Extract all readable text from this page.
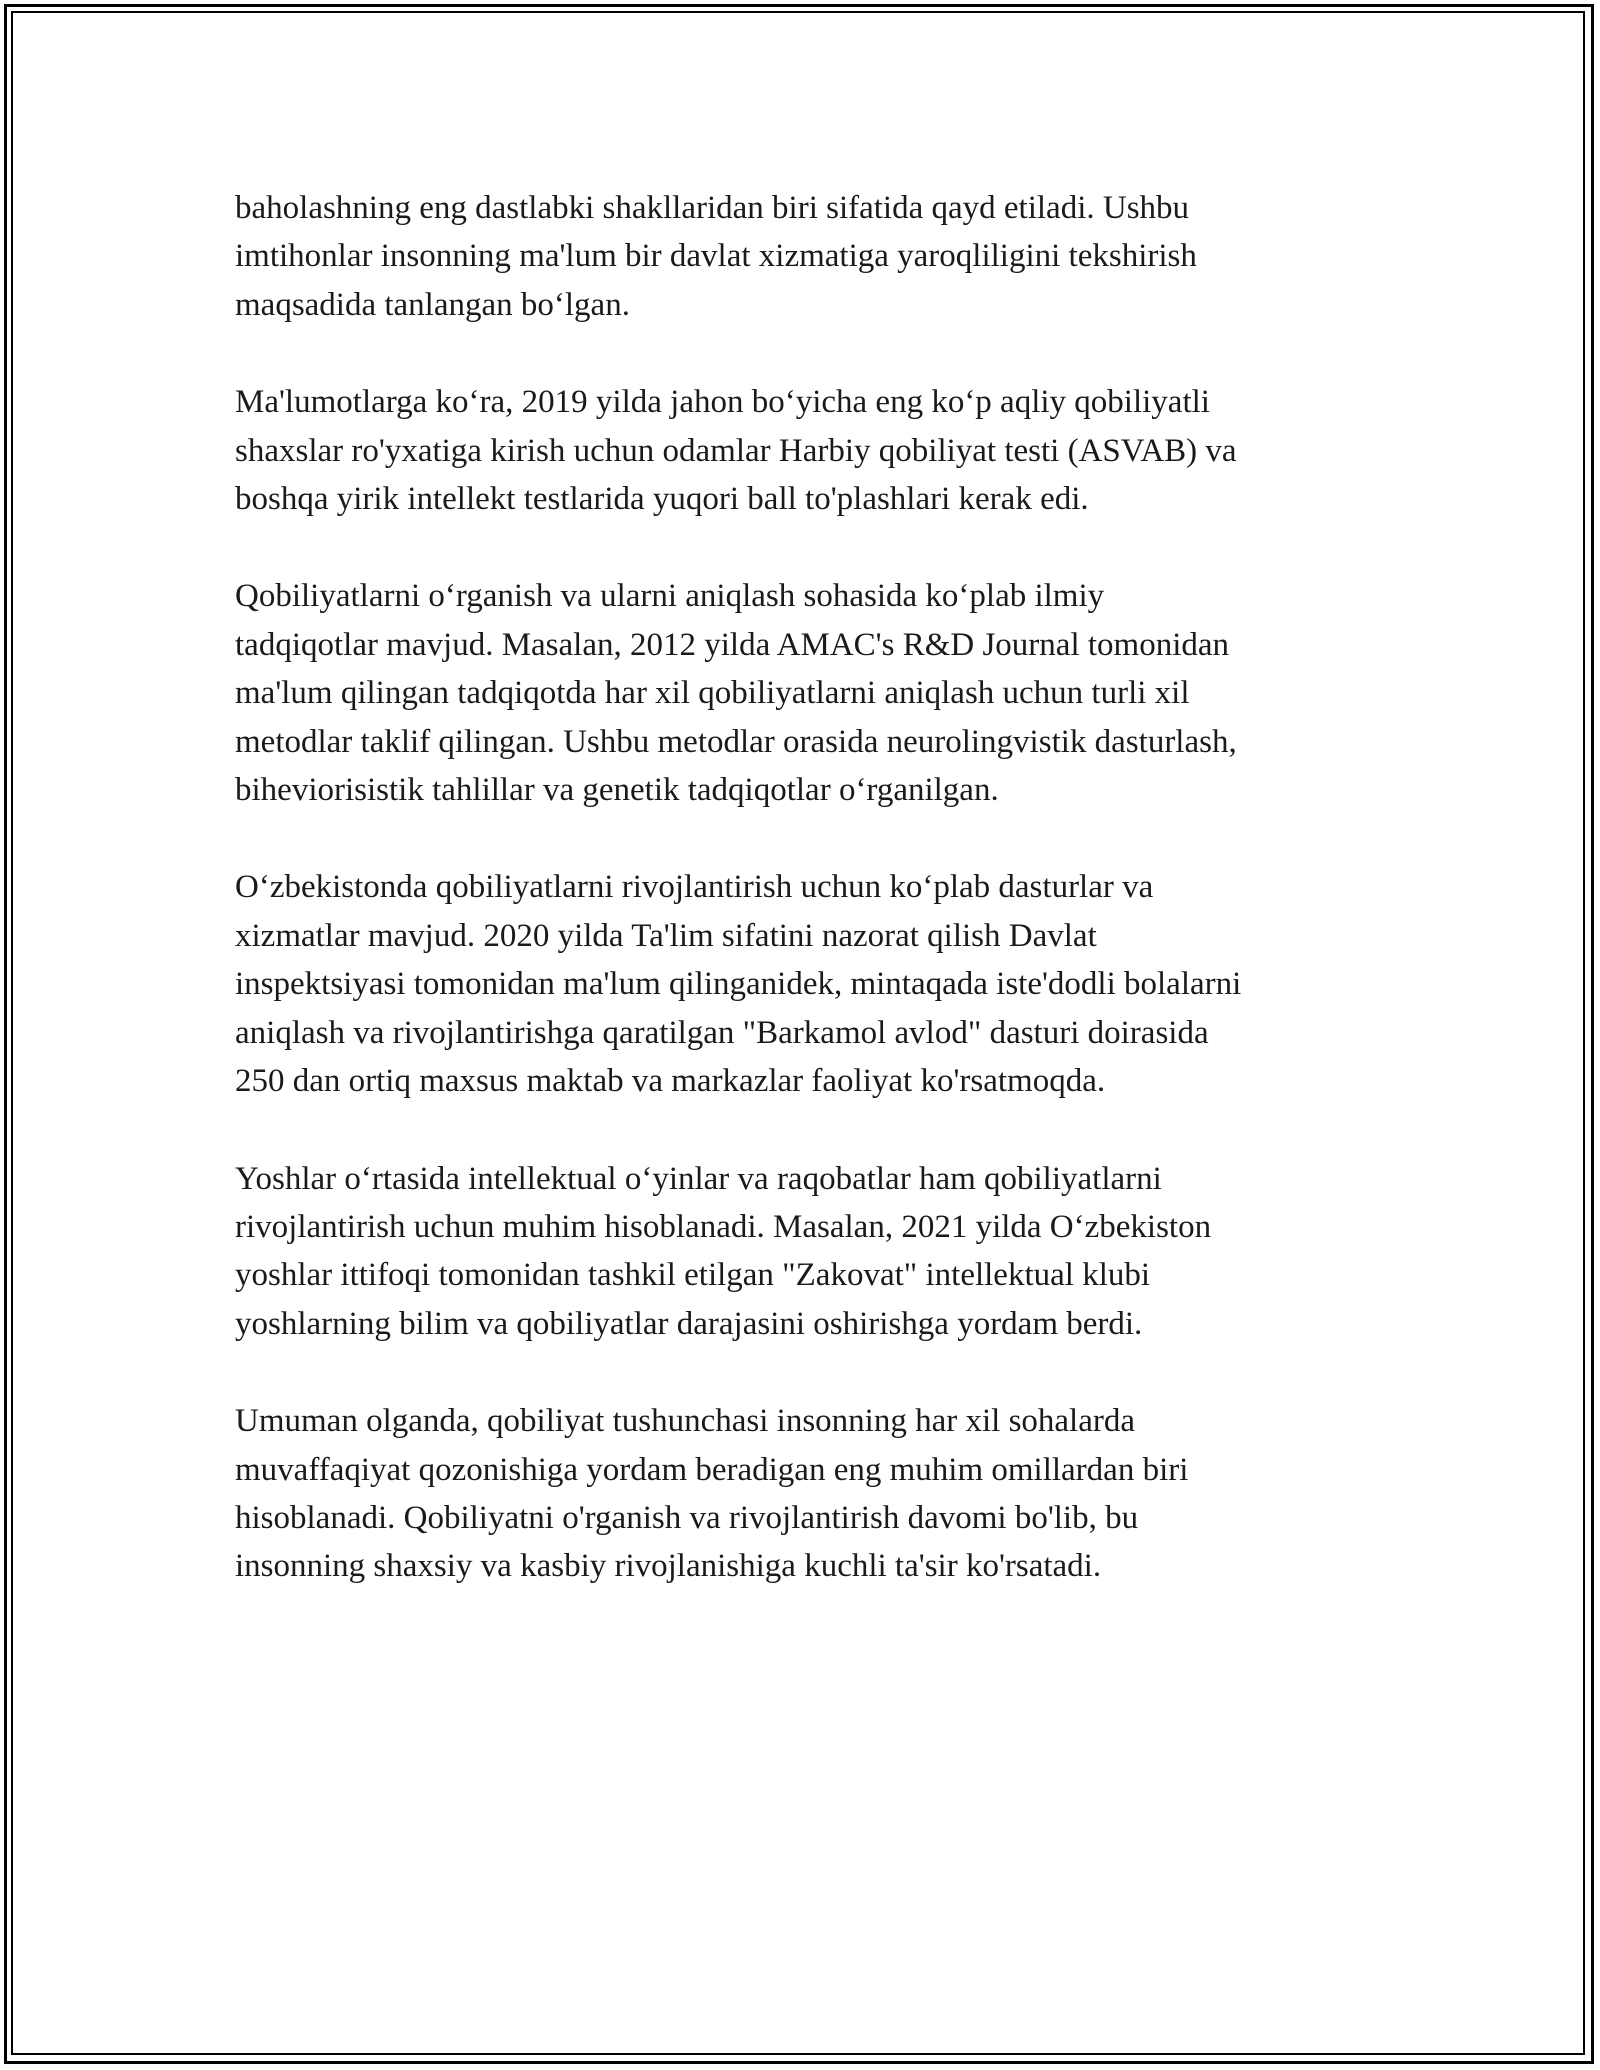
baholashning eng dastlabki shakllaridan biri sifatida qayd etiladi. Ushbu
imtihonlar insonning ma'lum bir davlat xizmatiga yaroqliligini tekshirish
maqsadida tanlangan bo‘lgan.

Ma'lumotlarga ko‘ra, 2019 yilda jahon bo‘yicha eng ko‘p aqliy qobiliyatli
shaxslar ro'yxatiga kirish uchun odamlar Harbiy qobiliyat testi (ASVAB) va
boshqa yirik intellekt testlarida yuqori ball to'plashlari kerak edi.

Qobiliyatlarni o‘rganish va ularni aniqlash sohasida ko‘plab ilmiy
tadqiqotlar mavjud. Masalan, 2012 yilda AMAC's R&D Journal tomonidan
ma'lum qilingan tadqiqotda har xil qobiliyatlarni aniqlash uchun turli xil
metodlar taklif qilingan. Ushbu metodlar orasida neurolingvistik dasturlash,
biheviorisistik tahlillar va genetik tadqiqotlar o‘rganilgan.

O‘zbekistonda qobiliyatlarni rivojlantirish uchun ko‘plab dasturlar va
xizmatlar mavjud. 2020 yilda Ta'lim sifatini nazorat qilish Davlat
inspektsiyasi tomonidan ma'lum qilinganidek, mintaqada iste'dodli bolalarni
aniqlash va rivojlantirishga qaratilgan "Barkamol avlod" dasturi doirasida
250 dan ortiq maxsus maktab va markazlar faoliyat ko'rsatmoqda.

Yoshlar o‘rtasida intellektual o‘yinlar va raqobatlar ham qobiliyatlarni
rivojlantirish uchun muhim hisoblanadi. Masalan, 2021 yilda O‘zbekiston
yoshlar ittifoqi tomonidan tashkil etilgan "Zakovat" intellektual klubi
yoshlarning bilim va qobiliyatlar darajasini oshirishga yordam berdi.

Umuman olganda, qobiliyat tushunchasi insonning har xil sohalarda
muvaffaqiyat qozonishiga yordam beradigan eng muhim omillardan biri
hisoblanadi. Qobiliyatni o'rganish va rivojlantirish davomi bo'lib, bu
insonning shaxsiy va kasbiy rivojlanishiga kuchli ta'sir ko'rsatadi.
